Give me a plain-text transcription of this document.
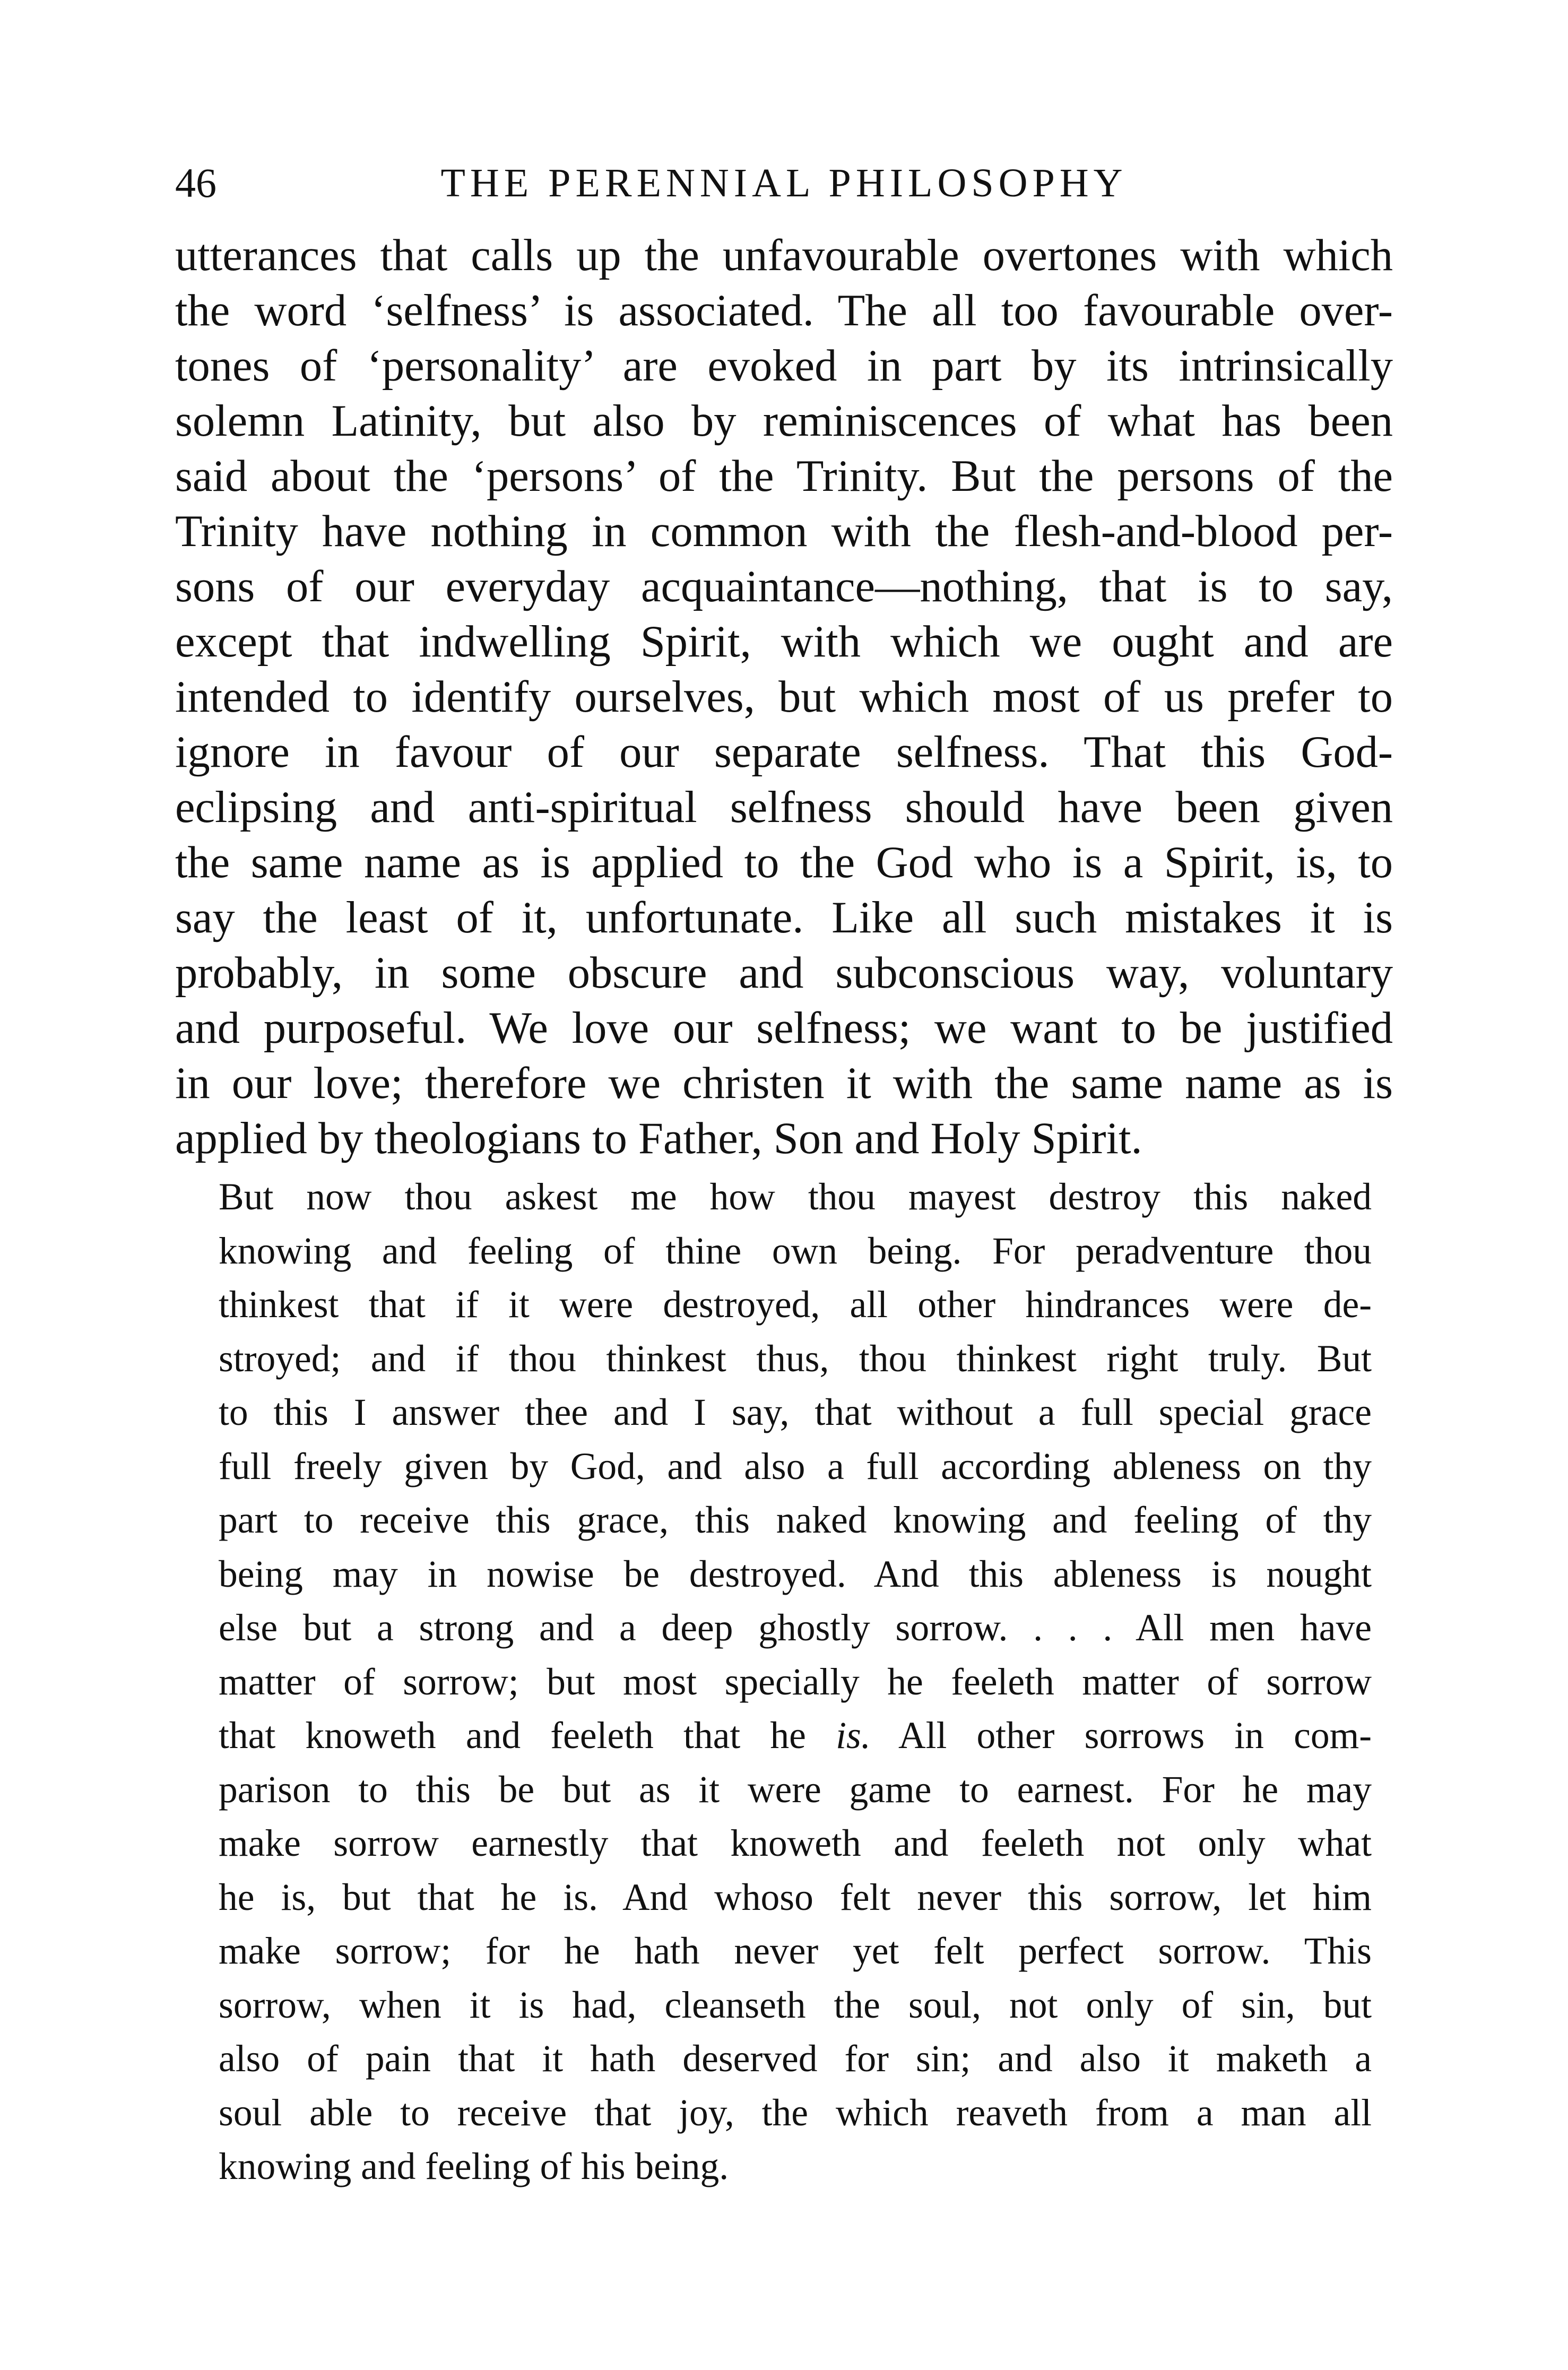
46	THE PERENNIAL PHILOSOPHY
utterances that calls up the unfavourable overtones with which
the word ‘selfness’ is associated. The all too favourable over-
tones of ‘personality’ are evoked in part by its intrinsically
solemn Latinity, but also by reminiscences of what has been
said about the ‘persons’ of the Trinity. But the persons of the
Trinity have nothing in common with the flesh-and-blood per-
sons of our everyday acquaintance—nothing, that is to say,
except that indwelling Spirit, with which we ought and are
intended to identify ourselves, but which most of us prefer to
ignore in favour of our separate selfness. That this God-
eclipsing and anti-spiritual selfness should have been given
the same name as is applied to the God who is a Spirit, is, to
say the least of it, unfortunate. Like all such mistakes it is
probably, in some obscure and subconscious way, voluntary
and purposeful. We love our selfness; we want to be justified
in our love; therefore we christen it with the same name as is
applied by theologians to Father, Son and Holy Spirit.
But now thou askest me how thou mayest destroy this naked
knowing and feeling of thine own being. For peradventure thou
thinkest that if it were destroyed, all other hindrances were de-
stroyed; and if thou thinkest thus, thou thinkest right truly. But
to this I answer thee and I say, that without a full special grace
full freely given by God, and also a full according ableness on thy
part to receive this grace, this naked knowing and feeling of thy
being may in nowise be destroyed. And this ableness is nought
else but a strong and a deep ghostly sorrow. . . . All men have
matter of sorrow; but most specially he feeleth matter of sorrow
that knoweth and feeleth that he is. All other sorrows in com-
parison to this be but as it were game to earnest. For he may
make sorrow earnestly that knoweth and feeleth not only what
he is, but that he is. And whoso felt never this sorrow, let him
make sorrow; for he hath never yet felt perfect sorrow. This
sorrow, when it is had, cleanseth the soul, not only of sin, but
also of pain that it hath deserved for sin; and also it maketh a
soul able to receive that joy, the which reaveth from a man all
knowing and feeling of his being.
